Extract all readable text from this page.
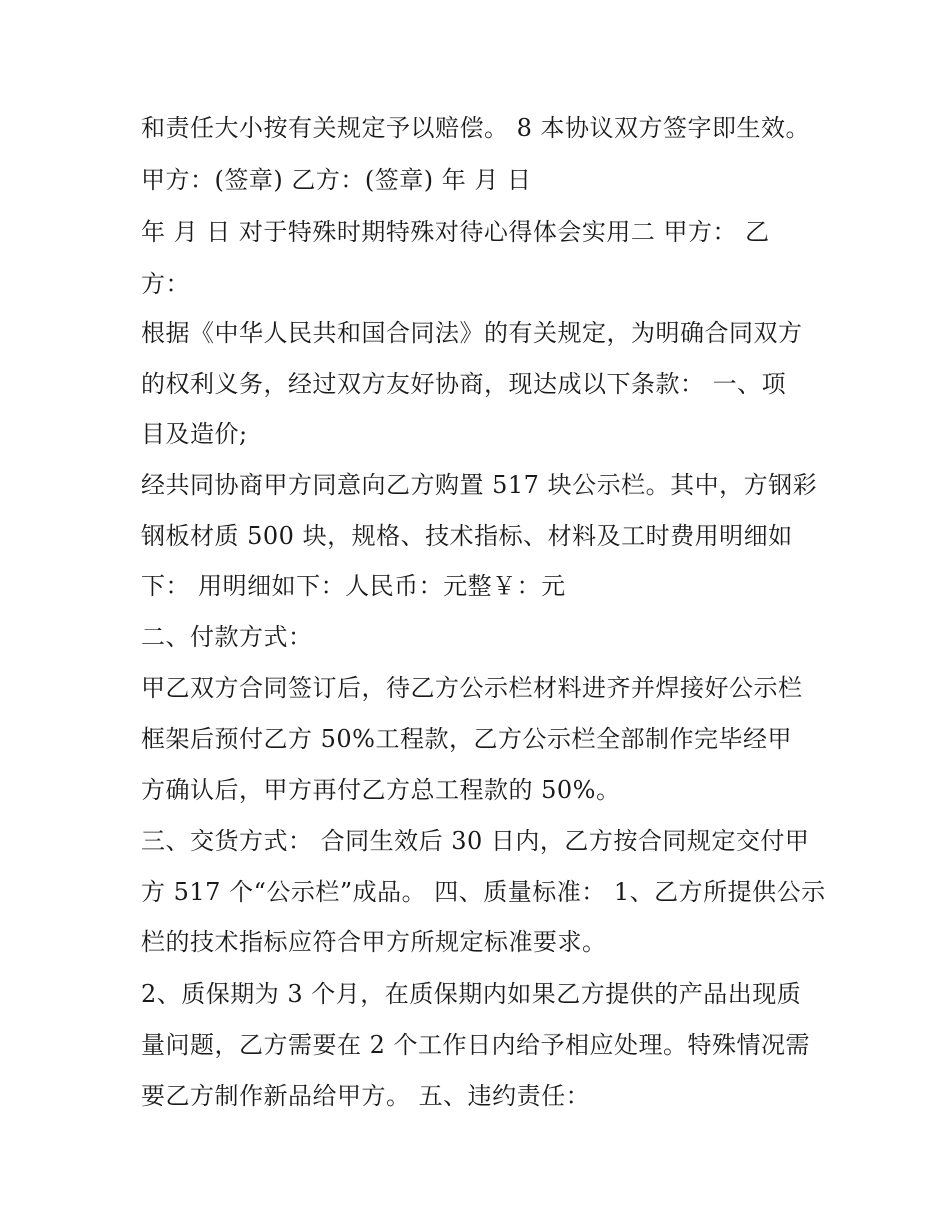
和责任大小按有关规定予以赔偿。 8 本协议双方签字即生效。
甲方：(签章) 乙方：(签章) 年 月 日
年 月 日 对于特殊时期特殊对待心得体会实用二 甲方： 乙
方：
根据《中华人民共和国合同法》的有关规定，为明确合同双方
的权利义务，经过双方友好协商，现达成以下条款： 一、项
目及造价;
经共同协商甲方同意向乙方购置 517 块公示栏。其中，方钢彩
钢板材质 500 块，规格、技术指标、材料及工时费用明细如
下： 用明细如下：人民币：元整￥：元
二、付款方式：
甲乙双方合同签订后，待乙方公示栏材料进齐并焊接好公示栏
框架后预付乙方 50%工程款，乙方公示栏全部制作完毕经甲
方确认后，甲方再付乙方总工程款的 50%。
三、交货方式： 合同生效后 30 日内，乙方按合同规定交付甲
方 517 个“公示栏”成品。 四、质量标准： 1、乙方所提供公示
栏的技术指标应符合甲方所规定标准要求。
2、质保期为 3 个月，在质保期内如果乙方提供的产品出现质
量问题，乙方需要在 2 个工作日内给予相应处理。特殊情况需
要乙方制作新品给甲方。 五、违约责任：
